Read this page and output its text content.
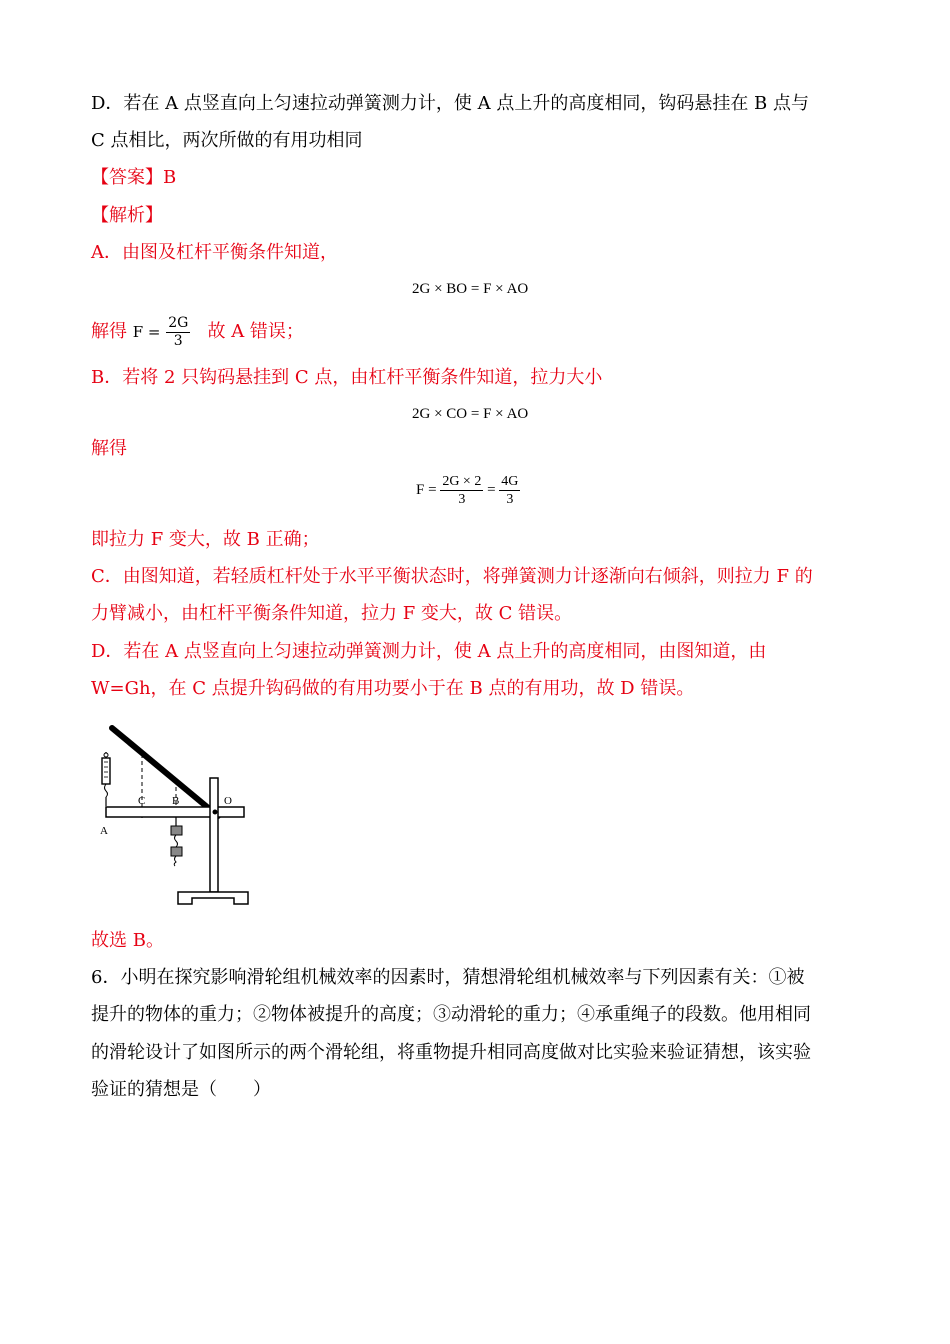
D．若在 A 点竖直向上匀速拉动弹簧测力计，使 A 点上升的高度相同，钩码悬挂在 B 点与
C 点相比，两次所做的有用功相同
【答案】B
【解析】
A．由图及杠杆平衡条件知道，
2G × BO = F × AO
解得 $F = \frac{2G}{3}$ 故 A 错误；
B．若将 2 只钩码悬挂到 C 点，由杠杆平衡条件知道，拉力大小
2G × CO = F × AO
解得
$F = \frac{2G \times 2}{3} = \frac{4G}{3}$
即拉力 F 变大，故 B 正确；
C．由图知道，若轻质杠杆处于水平平衡状态时，将弹簧测力计逐渐向右倾斜，则拉力 F 的
力臂减小，由杠杆平衡条件知道，拉力 F 变大，故 C 错误。
D．若在 A 点竖直向上匀速拉动弹簧测力计，使 A 点上升的高度相同，由图知道，由
W=Gh，在 C 点提升钩码做的有用功要小于在 B 点的有用功，故 D 错误。
A
C B	O
故选 B。
6．小明在探究影响滑轮组机械效率的因素时，猜想滑轮组机械效率与下列因素有关：①被
提升的物体的重力；②物体被提升的高度；③动滑轮的重力；④承重绳子的段数。他用相同
的滑轮设计了如图所示的两个滑轮组，将重物提升相同高度做对比实验来验证猜想，该实验
验证的猜想是（　　）
